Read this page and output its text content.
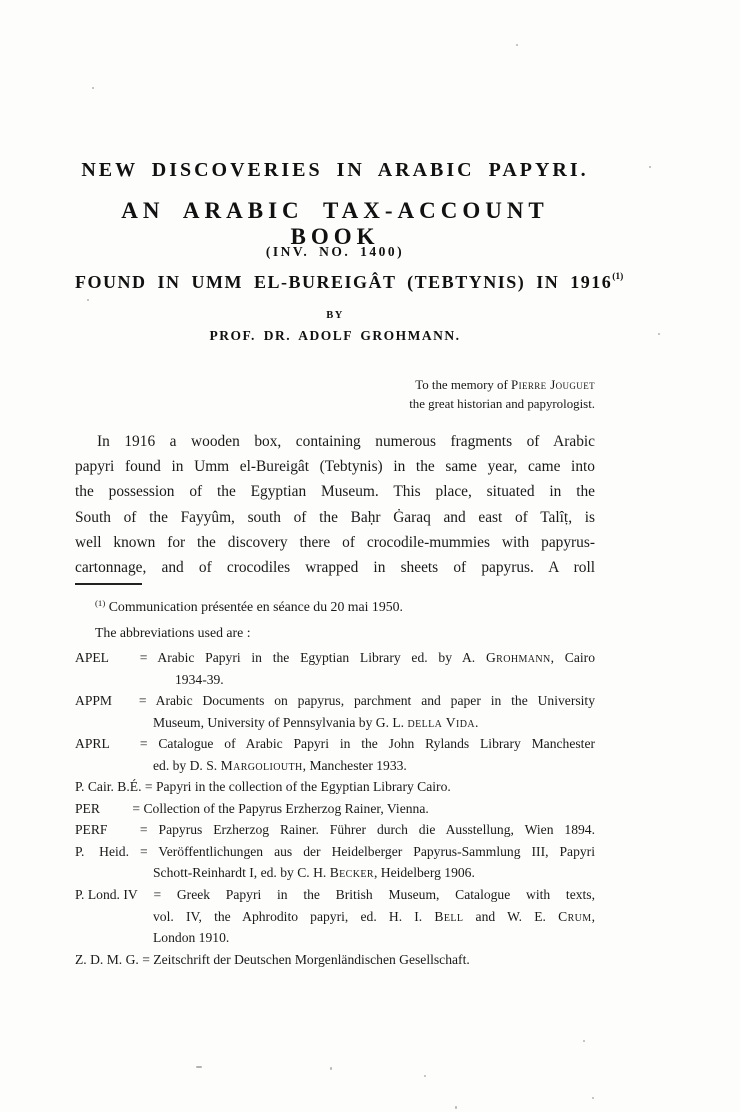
NEW DISCOVERIES IN ARABIC PAPYRI.
AN ARABIC TAX-ACCOUNT BOOK
(INV. NO. 1400)
FOUND IN UMM EL-BUREIGÂT (TEBTYNIS) IN 1916$^{(1)}$
BY
PROF. DR. ADOLF GROHMANN.
To the memory of Pierre Jouguet
the great historian and papyrologist.
In 1916 a wooden box, containing numerous fragments of Arabic
papyri found in Umm el-Bureigât (Tebtynis) in the same year, came into
the possession of the Egyptian Museum. This place, situated in the
South of the Fayyûm, south of the Baḥr Ġaraq and east of Talîṭ, is
well known for the discovery there of crocodile-mummies with papyrus-
cartonnage, and of crocodiles wrapped in sheets of papyrus. A roll
$^{(1)}$ Communication présentée en séance du 20 mai 1950.
The abbreviations used are :
APEL = Arabic Papyri in the Egyptian Library ed. by A. Grohmann, Cairo
1934-39.
APPM = Arabic Documents on papyrus, parchment and paper in the University
Museum, University of Pennsylvania by G. L. della Vida.
APRL = Catalogue of Arabic Papyri in the John Rylands Library Manchester
ed. by D. S. Margoliouth, Manchester 1933.
P. Cair. B.É. = Papyri in the collection of the Egyptian Library Cairo.
PER = Collection of the Papyrus Erzherzog Rainer, Vienna.
PERF = Papyrus Erzherzog Rainer. Führer durch die Ausstellung, Wien 1894.
P. Heid. = Veröffentlichungen aus der Heidelberger Papyrus-Sammlung III, Papyri
Schott-Reinhardt I, ed. by C. H. Becker, Heidelberg 1906.
P. Lond. IV = Greek Papyri in the British Museum, Catalogue with texts,
vol. IV, the Aphrodito papyri, ed. H. I. Bell and W. E. Crum,
London 1910.
Z. D. M. G. = Zeitschrift der Deutschen Morgenländischen Gesellschaft.
